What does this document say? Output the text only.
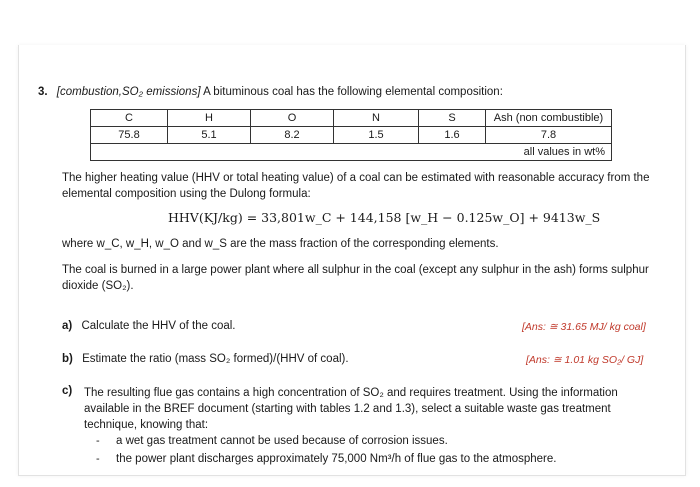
3. [combustion,SO₂ emissions] A bituminous coal has the following elemental composition:
C	H	O	N	S	Ash (non combustible)
75.8	5.1	8.2	1.5	1.6	7.8
all values in wt%					
The higher heating value (HHV or total heating value) of a coal can be estimated with reasonable accuracy from the elemental composition using the Dulong formula:
HHV(KJ/kg) = 33,801w_C + 144,158 [w_H − 0.125w_O] + 9413w_S
where w_C, w_H, w_O and w_S are the mass fraction of the corresponding elements.
The coal is burned in a large power plant where all sulphur in the coal (except any sulphur in the ash) forms sulphur dioxide (SO₂).
a) Calculate the HHV of the coal.	[Ans: ≅ 31.65 MJ/ kg coal]
b) Estimate the ratio (mass SO₂ formed)/(HHV of coal).	[Ans: ≅ 1.01 kg SO₂/ GJ]
c) The resulting flue gas contains a high concentration of SO₂ and requires treatment. Using the information available in the BREF document (starting with tables 1.2 and 1.3), select a suitable waste gas treatment technique, knowing that:
- a wet gas treatment cannot be used because of corrosion issues.
- the power plant discharges approximately 75,000 Nm³/h of flue gas to the atmosphere.
